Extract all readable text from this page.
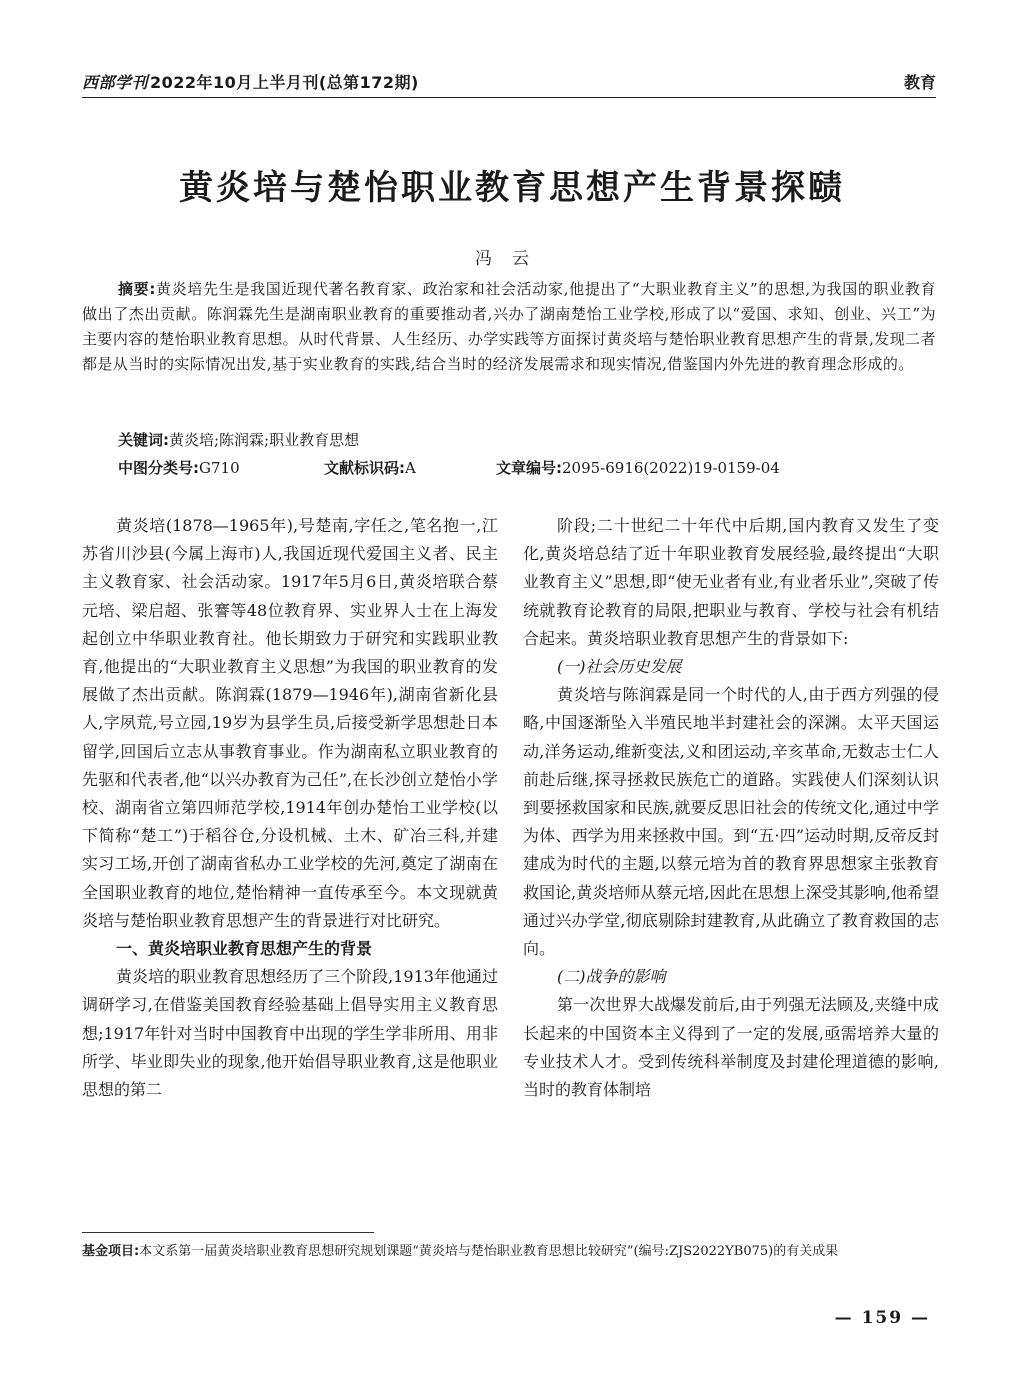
西部学刊 2022年10月上半月刊(总第172期)	教育
黄炎培与楚怡职业教育思想产生背景探赜
冯云
摘要:黄炎培先生是我国近现代著名教育家、政治家和社会活动家,他提出了“大职业教育主义”的思想,为我国的职业教育做出了杰出贡献。陈润霖先生是湖南职业教育的重要推动者,兴办了湖南楚怡工业学校,形成了以“爱国、求知、创业、兴工”为主要内容的楚怡职业教育思想。从时代背景、人生经历、办学实践等方面探讨黄炎培与楚怡职业教育思想产生的背景,发现二者都是从当时的实际情况出发,基于实业教育的实践,结合当时的经济发展需求和现实情况,借鉴国内外先进的教育理念形成的。
关键词:黄炎培;陈润霖;职业教育思想
中图分类号:G710	文献标识码:A	文章编号:2095-6916(2022)19-0159-04

黄炎培(1878—1965年),号楚南,字任之,笔名抱一,江苏省川沙县(今属上海市)人,我国近现代爱国主义者、民主主义教育家、社会活动家。1917年5月6日,黄炎培联合蔡元培、梁启超、张謇等48位教育界、实业界人士在上海发起创立中华职业教育社。他长期致力于研究和实践职业教育,他提出的“大职业教育主义思想”为我国的职业教育的发展做了杰出贡献。陈润霖(1879—1946年),湖南省新化县人,字夙荒,号立园,19岁为县学生员,后接受新学思想赴日本留学,回国后立志从事教育事业。作为湖南私立职业教育的先驱和代表者,他“以兴办教育为己任”,在长沙创立楚怡小学校、湖南省立第四师范学校,1914年创办楚怡工业学校(以下简称“楚工”)于稻谷仓,分设机械、土木、矿冶三科,并建实习工场,开创了湖南省私办工业学校的先河,奠定了湖南在全国职业教育的地位,楚怡精神一直传承至今。本文现就黄炎培与楚怡职业教育思想产生的背景进行对比研究。

一、黄炎培职业教育思想产生的背景

黄炎培的职业教育思想经历了三个阶段,1913年他通过调研学习,在借鉴美国教育经验基础上倡导实用主义教育思想;1917年针对当时中国教育中出现的学生学非所用、用非所学、毕业即失业的现象,他开始倡导职业教育,这是他职业思想的第二

阶段;二十世纪二十年代中后期,国内教育又发生了变化,黄炎培总结了近十年职业教育发展经验,最终提出“大职业教育主义”思想,即“使无业者有业,有业者乐业”,突破了传统就教育论教育的局限,把职业与教育、学校与社会有机结合起来。黄炎培职业教育思想产生的背景如下:

(一)社会历史发展

黄炎培与陈润霖是同一个时代的人,由于西方列强的侵略,中国逐渐坠入半殖民地半封建社会的深渊。太平天国运动,洋务运动,维新变法,义和团运动,辛亥革命,无数志士仁人前赴后继,探寻拯救民族危亡的道路。实践使人们深刻认识到要拯救国家和民族,就要反思旧社会的传统文化,通过中学为体、西学为用来拯救中国。到“五·四”运动时期,反帝反封建成为时代的主题,以蔡元培为首的教育界思想家主张教育救国论,黄炎培师从蔡元培,因此在思想上深受其影响,他希望通过兴办学堂,彻底剔除封建教育,从此确立了教育救国的志向。

(二)战争的影响

第一次世界大战爆发前后,由于列强无法顾及,夹缝中成长起来的中国资本主义得到了一定的发展,亟需培养大量的专业技术人才。受到传统科举制度及封建伦理道德的影响,当时的教育体制培

基金项目:本文系第一届黄炎培职业教育思想研究规划课题“黄炎培与楚怡职业教育思想比较研究”(编号:ZJS2022YB075)的有关成果
— 159 —
